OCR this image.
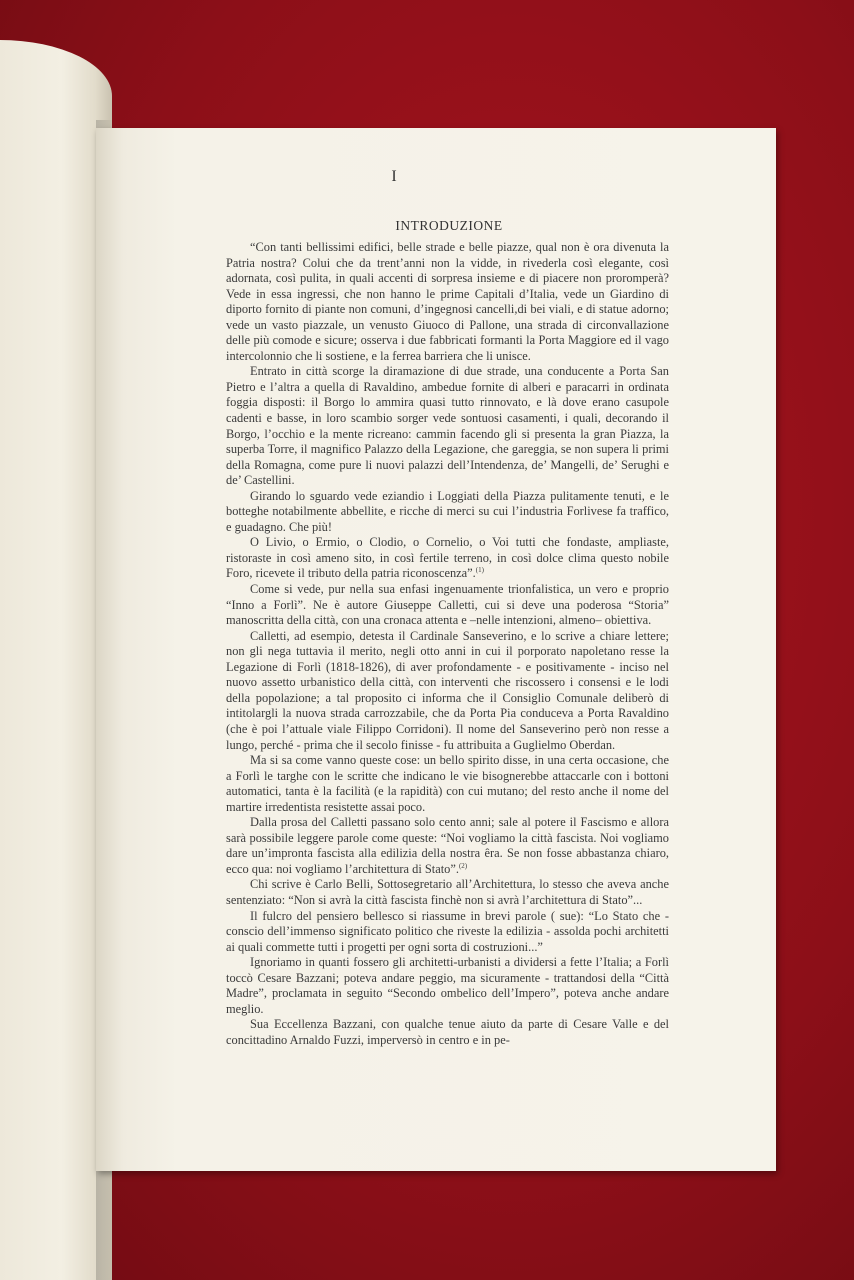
I
INTRODUZIONE

“Con tanti bellissimi edifici, belle strade e belle piazze, qual non è ora divenuta la Patria nostra? Colui che da trent’anni non la vidde, in rivederla così elegante, così adornata, così pulita, in quali accenti di sorpresa insieme e di piacere non proromperà? Vede in essa ingressi, che non hanno le prime Capitali d’Italia, vede un Giardino di diporto fornito di piante non comuni, d’ingegnosi cancelli,di bei viali, e di statue adorno; vede un vasto piazzale, un venusto Giuoco di Pallone, una strada di circonvallazione delle più comode e sicure; osserva i due fabbricati formanti la Porta Maggiore ed il vago intercolonnio che li sostiene, e la ferrea barriera che li unisce.

Entrato in città scorge la diramazione di due strade, una conducente a Porta San Pietro e l’altra a quella di Ravaldino, ambedue fornite di alberi e paracarri in ordinata foggia disposti: il Borgo lo ammira quasi tutto rinnovato, e là dove erano casupole cadenti e basse, in loro scambio sorger vede sontuosi casamenti, i quali, decorando il Borgo, l’occhio e la mente ricreano: cammin facendo gli si presenta la gran Piazza, la superba Torre, il magnifico Palazzo della Legazione, che gareggia, se non supera li primi della Romagna, come pure li nuovi palazzi dell’Intendenza, de’ Mangelli, de’ Serughi e de’ Castellini.

Girando lo sguardo vede eziandio i Loggiati della Piazza pulitamente tenuti, e le botteghe notabilmente abbellite, e ricche di merci su cui l’industria Forlivese fa traffico, e guadagno. Che più!

O Livio, o Ermio, o Clodio, o Cornelio, o Voi tutti che fondaste, ampliaste, ristoraste in così ameno sito, in così fertile terreno, in così dolce clima questo nobile Foro, ricevete il tributo della patria riconoscenza”.$^{(1)}$

Come si vede, pur nella sua enfasi ingenuamente trionfalistica, un vero e proprio “Inno a Forlì”. Ne è autore Giuseppe Calletti, cui si deve una poderosa “Storia” manoscritta della città, con una cronaca attenta e –nelle intenzioni, almeno– obiettiva.

Calletti, ad esempio, detesta il Cardinale Sanseverino, e lo scrive a chiare lettere; non gli nega tuttavia il merito, negli otto anni in cui il porporato napoletano resse la Legazione di Forlì (1818-1826), di aver profondamente - e positivamente - inciso nel nuovo assetto urbanistico della città, con interventi che riscossero i consensi e le lodi della popolazione; a tal proposito ci informa che il Consiglio Comunale deliberò di intitolargli la nuova strada carrozzabile, che da Porta Pia conduceva a Porta Ravaldino (che è poi l’attuale viale Filippo Corridoni). Il nome del Sanseverino però non resse a lungo, perché - prima che il secolo finisse - fu attribuita a Guglielmo Oberdan.

Ma si sa come vanno queste cose: un bello spirito disse, in una certa occasione, che a Forlì le targhe con le scritte che indicano le vie bisognerebbe attaccarle con i bottoni automatici, tanta è la facilità (e la rapidità) con cui mutano; del resto anche il nome del martire irredentista resistette assai poco.

Dalla prosa del Calletti passano solo cento anni; sale al potere il Fascismo e allora sarà possibile leggere parole come queste: “Noi vogliamo la città fascista. Noi vogliamo dare un’impronta fascista alla edilizia della nostra êra. Se non fosse abbastanza chiaro, ecco qua: noi vogliamo l’architettura di Stato”.$^{(2)}$

Chi scrive è Carlo Belli, Sottosegretario all’Architettura, lo stesso che aveva anche sentenziato: “Non si avrà la città fascista finchè non si avrà l’architettura di Stato”...

Il fulcro del pensiero bellesco si riassume in brevi parole ( sue): “Lo Stato che - conscio dell’immenso significato politico che riveste la edilizia - assolda pochi architetti ai quali commette tutti i progetti per ogni sorta di costruzioni...”

Ignoriamo in quanti fossero gli architetti-urbanisti a dividersi a fette l’Italia; a Forlì toccò Cesare Bazzani; poteva andare peggio, ma sicuramente - trattandosi della “Città Madre”, proclamata in seguito “Secondo ombelico dell’Impero”, poteva anche andare meglio.

Sua Eccellenza Bazzani, con qualche tenue aiuto da parte di Cesare Valle e del concittadino Arnaldo Fuzzi, imperversò in centro e in pe-
